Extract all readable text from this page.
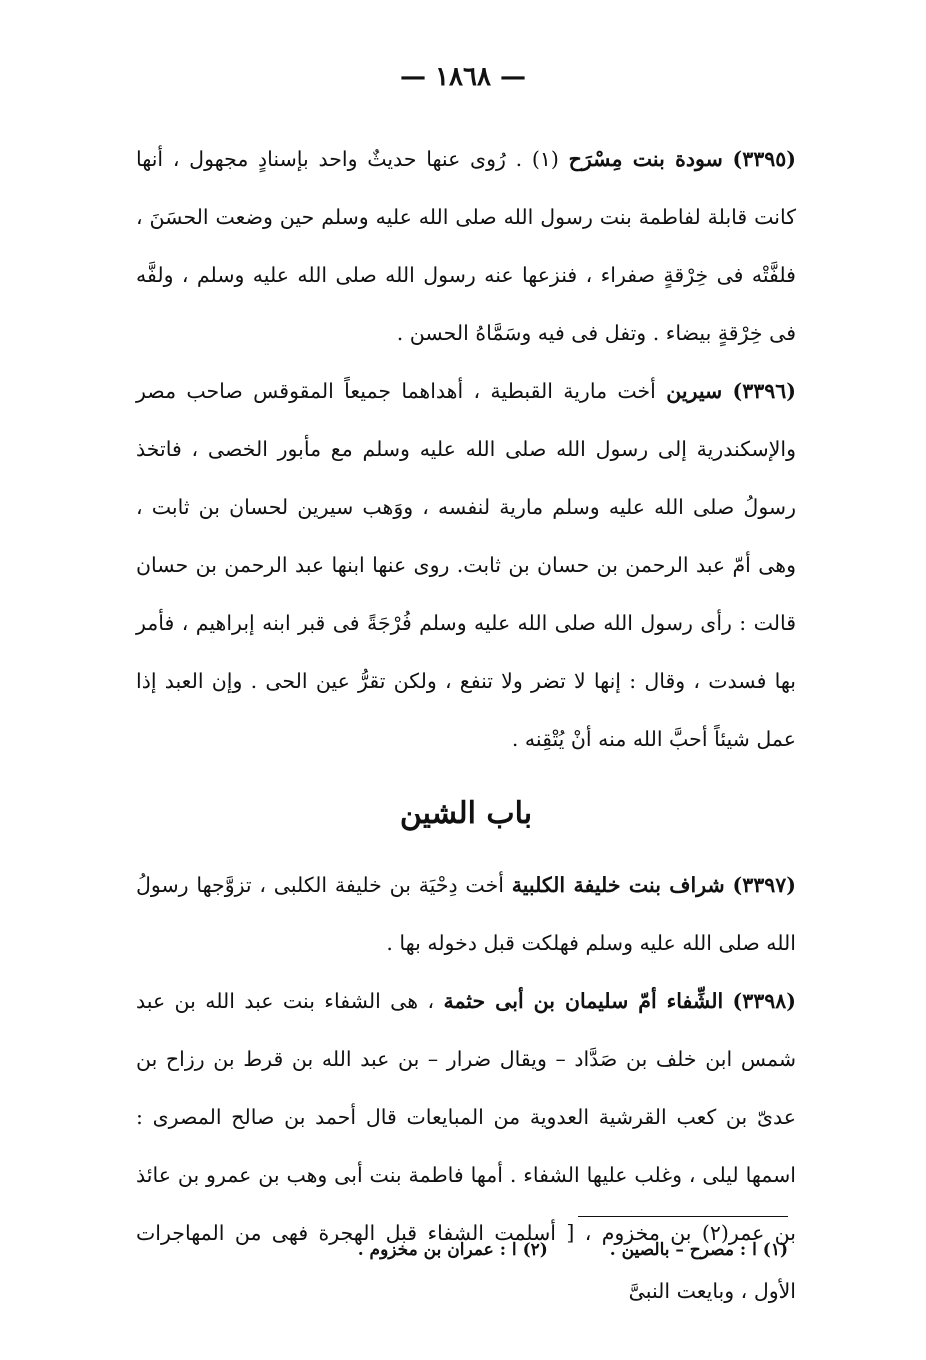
— ١٨٦٨ —

(٣٣٩٥) سودة بنت مِسْرَح (١) . رُوى عنها حديثٌ واحد بإسنادٍ مجهول ، أنها كانت قابلة لفاطمة بنت رسول الله صلى الله عليه وسلم حين وضعت الحسَنَ ، فلفَّتْه فى خِرْقةٍ صفراء ، فنزعها عنه رسول الله صلى الله عليه وسلم ، ولفَّه فى خِرْقةٍ بيضاء . وتفل فى فيه وسَمَّاهُ الحسن .

(٣٣٩٦) سيرين أخت مارية القبطية ، أهداهما جميعاً المقوقس صاحب مصر والإسكندرية إلى رسول الله صلى الله عليه وسلم مع مأبور الخصى ، فاتخذ رسولُ صلى الله عليه وسلم مارية لنفسه ، ووَهب سيرين لحسان بن ثابت ، وهى أمّ عبد الرحمن بن حسان بن ثابت. روى عنها ابنها عبد الرحمن بن حسان قالت : رأى رسول الله صلى الله عليه وسلم فُرْجَةً فى قبر ابنه إبراهيم ، فأمر بها فسدت ، وقال : إنها لا تضر ولا تنفع ، ولكن تقرُّ عين الحى . وإن العبد إذا عمل شيئاً أحبَّ الله منه أنْ يُتْقِنه .

باب الشين

(٣٣٩٧) شراف بنت خليفة الكلبية أخت دِحْيَة بن خليفة الكلبى ، تزوَّجها رسولُ الله صلى الله عليه وسلم فهلكت قبل دخوله بها .

(٣٣٩٨) الشِّفاء أمّ سليمان بن أبى حثمة ، هى الشفاء بنت عبد الله بن عبد شمس ابن خلف بن صَدَّاد – ويقال ضرار – بن عبد الله بن قرط بن رزاح بن عدىّ بن كعب القرشية العدوية من المبايعات قال أحمد بن صالح المصرى : اسمها ليلى ، وغلب عليها الشفاء . أمها فاطمة بنت أبى وهب بن عمرو بن عائذ بن عمر(٢) بن مخزوم ، [ أسلمت الشفاء قبل الهجرة فهى من المهاجرات الأول ، وبايعت النبىَّ

(١) ا : مصرح – بالصين . (٢) ا : عمران بن مخزوم .
